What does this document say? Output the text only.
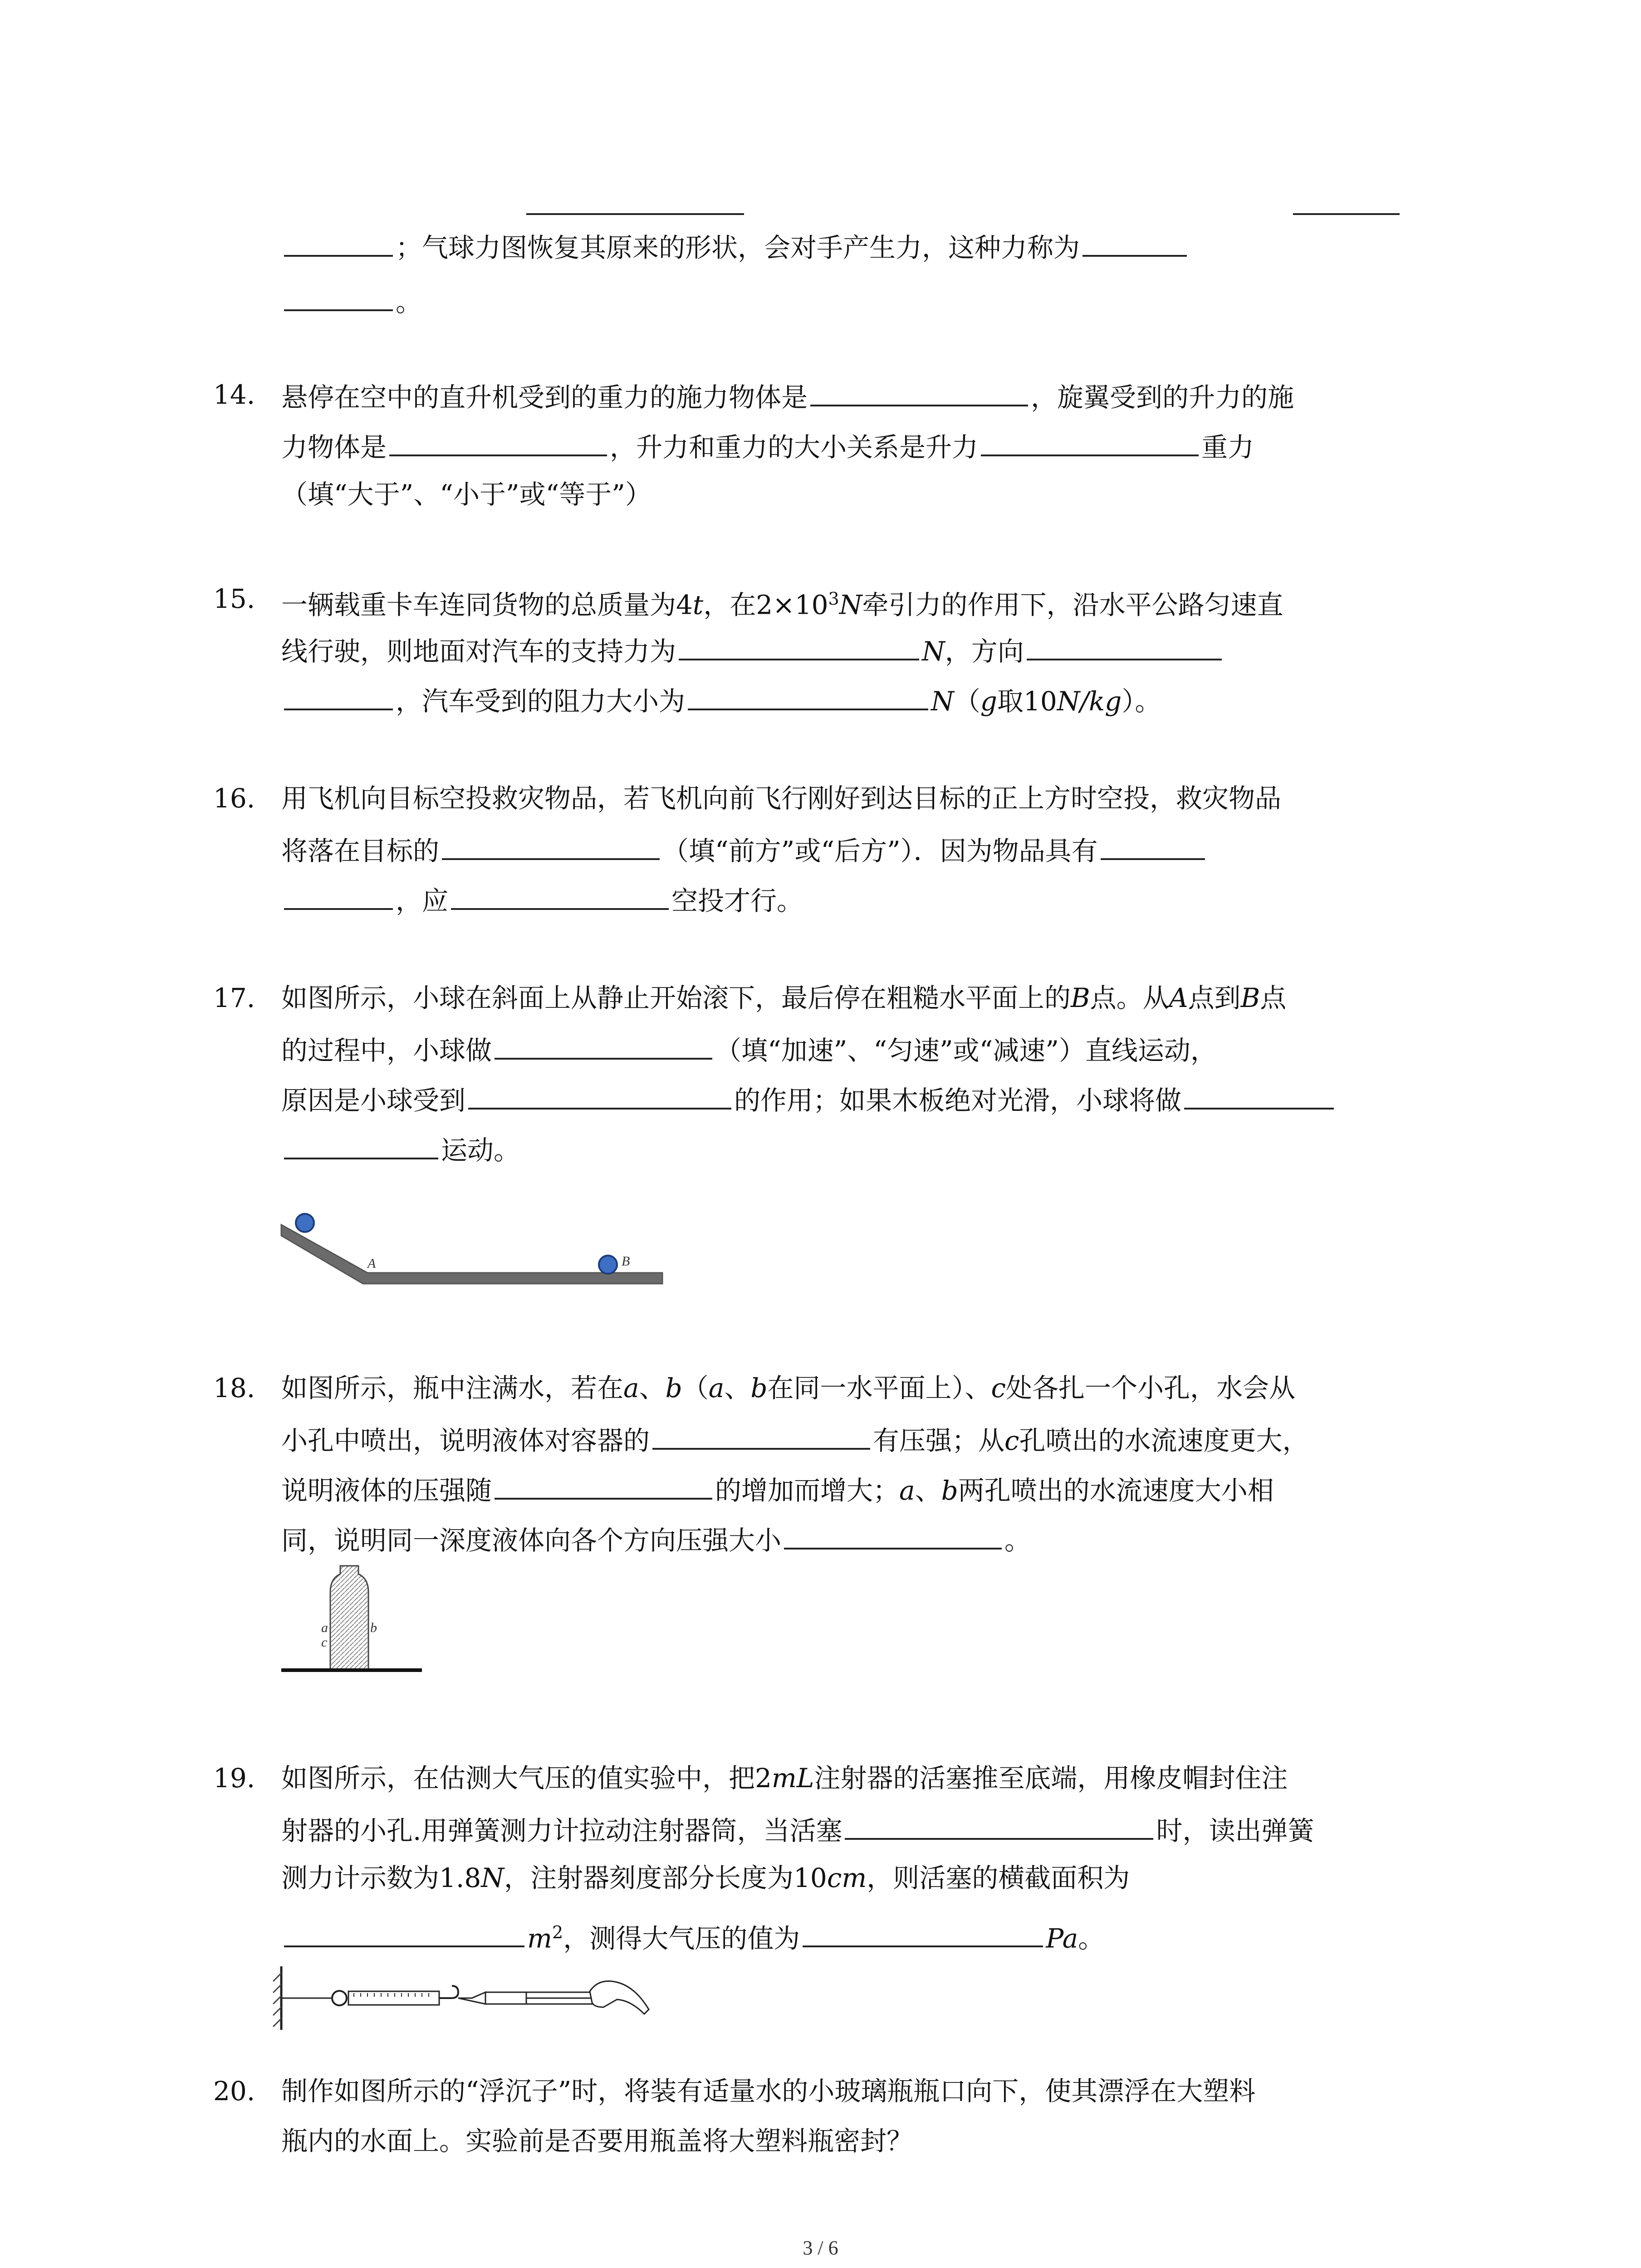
；气球力图恢复其原来的形状，会对手产生力，这种力称为
。
14. 悬停在空中的直升机受到的重力的施力物体是	，旋翼受到的升力的施
力物体是	，升力和重力的大小关系是升力	重力
（填“大于”、“小于”或“等于”）
15. 一辆载重卡车连同货物的总质量为4t，在$2\times 10^3N$牵引力的作用下，沿水平公路匀速直
线行驶，则地面对汽车的支持力为	N，方向
，汽车受到的阻力大小为	N（g取10N/kg）。
16. 用飞机向目标空投救灾物品，若飞机向前飞行刚好到达目标的正上方时空投，救灾物品
将落在目标的	（填“前方”或“后方”）．因为物品具有
，应	空投才行。
17. 如图所示，小球在斜面上从静止开始滚下，最后停在粗糙水平面上的B点。从A点到B点
的过程中，小球做	（填“加速”、“匀速”或“减速”）直线运动，
原因是小球受到	的作用；如果木板绝对光滑，小球将做
运动。
A	B
18. 如图所示，瓶中注满水，若在a、b（a、b在同一水平面上）、c处各扎一个小孔，水会从
小孔中喷出，说明液体对容器的	有压强；从c孔喷出的水流速度更大，
说明液体的压强随	的增加而增大；a、b两孔喷出的水流速度大小相
同，说明同一深度液体向各个方向压强大小	。
a	b
c
19. 如图所示，在估测大气压的值实验中，把2mL注射器的活塞推至底端，用橡皮帽封住注
射器的小孔.用弹簧测力计拉动注射器筒，当活塞	时，读出弹簧
测力计示数为1.8N，注射器刻度部分长度为10cm，则活塞的横截面积为
$m^2$，测得大气压的值为	Pa。
20. 制作如图所示的“浮沉子”时，将装有适量水的小玻璃瓶瓶口向下，使其漂浮在大塑料
瓶内的水面上。实验前是否要用瓶盖将大塑料瓶密封？
3 / 6
